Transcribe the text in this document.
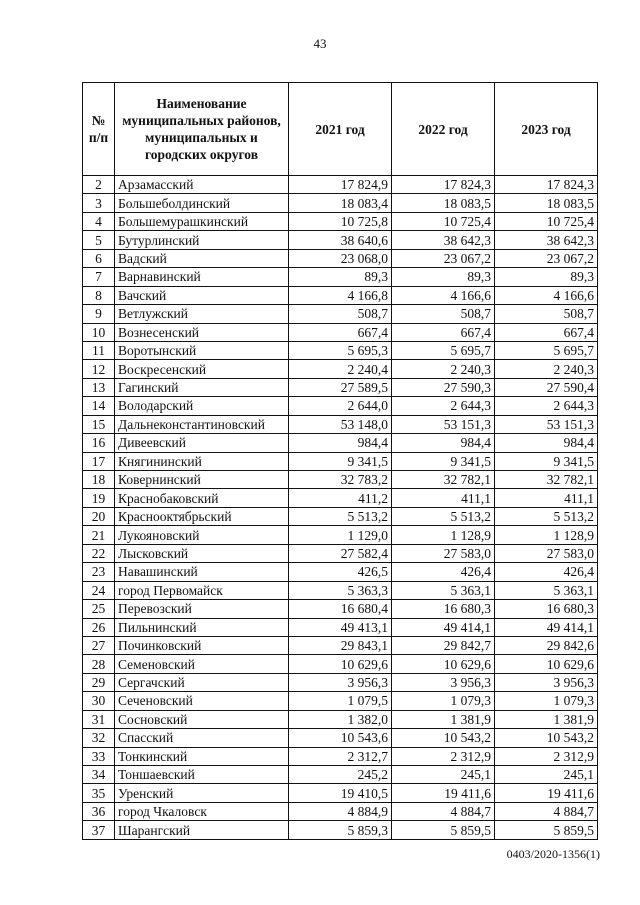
43
№ п/п	Наименование муниципальных районов, муниципальных и городских округов	2021 год	2022 год	2023 год
2	Арзамасский	17 824,9	17 824,3	17 824,3
3	Большеболдинский	18 083,4	18 083,5	18 083,5
4	Большемурашкинский	10 725,8	10 725,4	10 725,4
5	Бутурлинский	38 640,6	38 642,3	38 642,3
6	Вадский	23 068,0	23 067,2	23 067,2
7	Варнавинский	89,3	89,3	89,3
8	Вачский	4 166,8	4 166,6	4 166,6
9	Ветлужский	508,7	508,7	508,7
10	Вознесенский	667,4	667,4	667,4
11	Воротынский	5 695,3	5 695,7	5 695,7
12	Воскресенский	2 240,4	2 240,3	2 240,3
13	Гагинский	27 589,5	27 590,3	27 590,4
14	Володарский	2 644,0	2 644,3	2 644,3
15	Дальнеконстантиновский	53 148,0	53 151,3	53 151,3
16	Дивеевский	984,4	984,4	984,4
17	Княгининский	9 341,5	9 341,5	9 341,5
18	Ковернинский	32 783,2	32 782,1	32 782,1
19	Краснобаковский	411,2	411,1	411,1
20	Краснооктябрьский	5 513,2	5 513,2	5 513,2
21	Лукояновский	1 129,0	1 128,9	1 128,9
22	Лысковский	27 582,4	27 583,0	27 583,0
23	Навашинский	426,5	426,4	426,4
24	город Первомайск	5 363,3	5 363,1	5 363,1
25	Перевозский	16 680,4	16 680,3	16 680,3
26	Пильнинский	49 413,1	49 414,1	49 414,1
27	Починковский	29 843,1	29 842,7	29 842,6
28	Семеновский	10 629,6	10 629,6	10 629,6
29	Сергачский	3 956,3	3 956,3	3 956,3
30	Сеченовский	1 079,5	1 079,3	1 079,3
31	Сосновский	1 382,0	1 381,9	1 381,9
32	Спасский	10 543,6	10 543,2	10 543,2
33	Тонкинский	2 312,7	2 312,9	2 312,9
34	Тоншаевский	245,2	245,1	245,1
35	Уренский	19 410,5	19 411,6	19 411,6
36	город Чкаловск	4 884,9	4 884,7	4 884,7
37	Шарангский	5 859,3	5 859,5	5 859,5
0403/2020-1356(1)
